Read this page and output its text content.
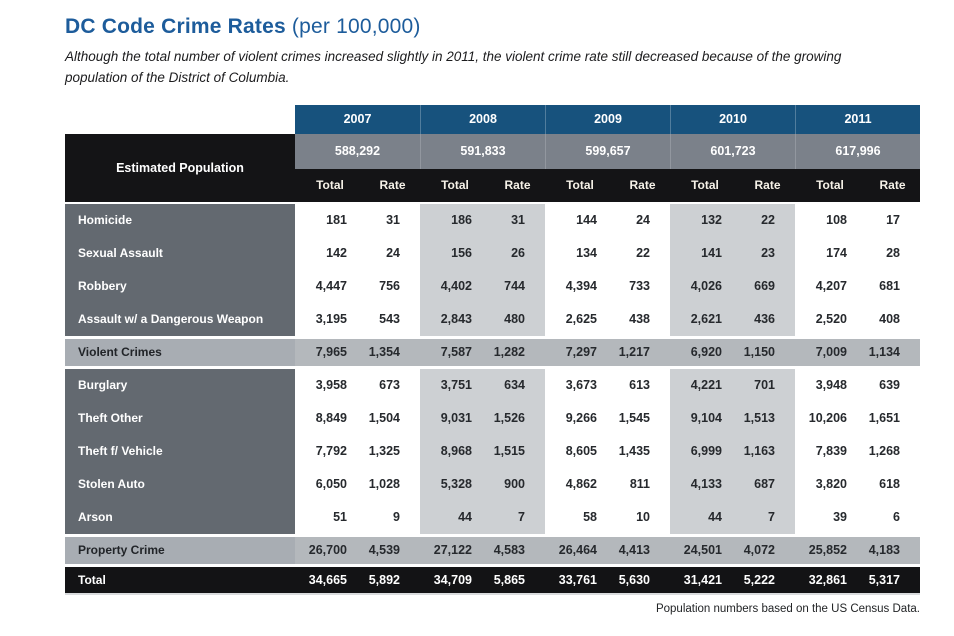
DC Code Crime Rates (per 100,000)

Although the total number of violent crimes increased slightly in 2011, the violent crime rate still decreased because of the growing population of the District of Columbia.

2007	2008	2009	2010	2011
Estimated Population
588,292	591,833	599,657	601,723	617,996
Total	Rate	Total	Rate	Total	Rate	Total	Rate	Total	Rate
Homicide	181	31	186	31	144	24	132	22	108	17
Sexual Assault	142	24	156	26	134	22	141	23	174	28
Robbery	4,447	756	4,402	744	4,394	733	4,026	669	4,207	681
Assault w/ a Dangerous Weapon	3,195	543	2,843	480	2,625	438	2,621	436	2,520	408
Violent Crimes	7,965	1,354	7,587	1,282	7,297	1,217	6,920	1,150	7,009	1,134
Burglary	3,958	673	3,751	634	3,673	613	4,221	701	3,948	639
Theft Other	8,849	1,504	9,031	1,526	9,266	1,545	9,104	1,513	10,206	1,651
Theft f/ Vehicle	7,792	1,325	8,968	1,515	8,605	1,435	6,999	1,163	7,839	1,268
Stolen Auto	6,050	1,028	5,328	900	4,862	811	4,133	687	3,820	618
Arson	51	9	44	7	58	10	44	7	39	6
Property Crime	26,700	4,539	27,122	4,583	26,464	4,413	24,501	4,072	25,852	4,183
Total	34,665	5,892	34,709	5,865	33,761	5,630	31,421	5,222	32,861	5,317

Population numbers based on the US Census Data.
